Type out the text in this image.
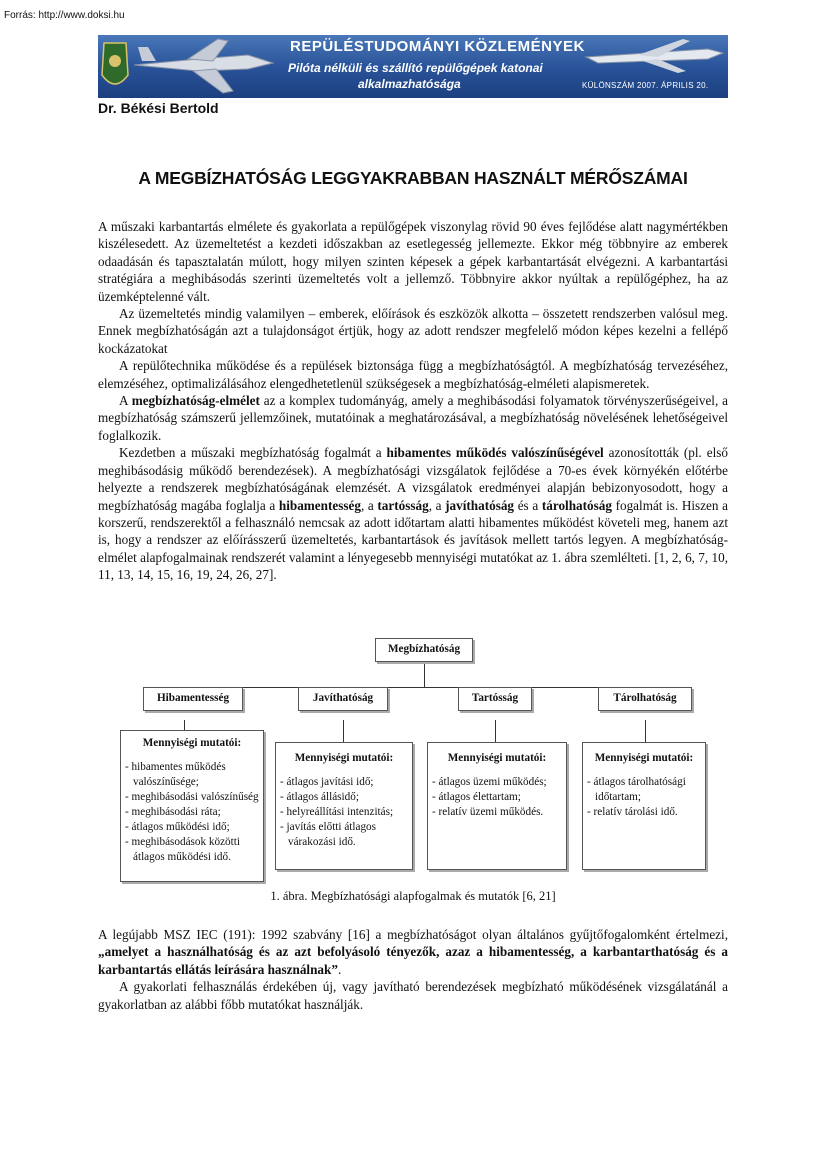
Forrás: http://www.doksi.hu
REPÜLÉSTUDOMÁNYI KÖZLEMÉNYEK
Pilóta nélküli és szállító repülőgépek katonai
alkalmazhatósága	KÜLÖNSZÁM 2007. ÁPRILIS 20.
Dr. Békési Bertold
A MEGBÍZHATÓSÁG LEGGYAKRABBAN HASZNÁLT MÉRŐSZÁMAI

A műszaki karbantartás elmélete és gyakorlata a repülőgépek viszonylag rövid 90 éves fejlődése alatt nagymértékben kiszélesedett. Az üzemeltetést a kezdeti időszakban az esetlegesség jellemezte. Ekkor még többnyire az emberek odaadásán és tapasztalatán múlott, hogy milyen szinten képesek a gépek karbantartását elvégezni. A karbantartási stratégiára a meghibásodás szerinti üzemeltetés volt a jellemző. Többnyire akkor nyúltak a repülőgéphez, ha az üzemképtelenné vált.

Az üzemeltetés mindig valamilyen – emberek, előírások és eszközök alkotta – összetett rendszerben valósul meg. Ennek megbízhatóságán azt a tulajdonságot értjük, hogy az adott rendszer megfelelő módon képes kezelni a fellépő kockázatokat

A repülőtechnika működése és a repülések biztonsága függ a megbízhatóságtól. A megbízhatóság tervezéséhez, elemzéséhez, optimalizálásához elengedhetetlenül szükségesek a megbízhatóság-elméleti alapismeretek.

A megbízhatóság-elmélet az a komplex tudományág, amely a meghibásodási folyamatok törvényszerűségeivel, a megbízhatóság számszerű jellemzőinek, mutatóinak a meghatározásával, a megbízhatóság növelésének lehetőségeivel foglalkozik.

Kezdetben a műszaki megbízhatóság fogalmát a hibamentes működés valószínűségével azonosították (pl. első meghibásodásig működő berendezések). A megbízhatósági vizsgálatok fejlődése a 70-es évek környékén előtérbe helyezte a rendszerek megbízhatóságának elemzését. A vizsgálatok eredményei alapján bebizonyosodott, hogy a megbízhatóság magába foglalja a hibamentesség, a tartósság, a javíthatóság és a tárolhatóság fogalmát is. Hiszen a korszerű, rendszerektől a felhasználó nemcsak az adott időtartam alatti hibamentes működést követeli meg, hanem azt is, hogy a rendszer az előírásszerű üzemeltetés, karbantartások és javítások mellett tartós legyen. A megbízhatóság-elmélet alapfogalmainak rendszerét valamint a lényegesebb mennyiségi mutatókat az 1. ábra szemlélteti. [1, 2, 6, 7, 10, 11, 13, 14, 15, 16, 19, 24, 26, 27].

Megbízhatóság
Hibamentesség	Javíthatóság	Tartósság	Tárolhatóság
Mennyiségi mutatói:
- hibamentes működés valószínűsége;
- meghibásodási valószínűség
- meghibásodási ráta;
- átlagos működési idő;
- meghibásodások közötti átlagos működési idő.
Mennyiségi mutatói:
- átlagos javítási idő;
- átlagos állásidő;
- helyreállítási intenzitás;
- javítás előtti átlagos várakozási idő.
Mennyiségi mutatói:
- átlagos üzemi működés;
- átlagos élettartam;
- relatív üzemi működés.
Mennyiségi mutatói:
- átlagos tárolhatósági időtartam;
- relatív tárolási idő.
1. ábra. Megbízhatósági alapfogalmak és mutatók [6, 21]

A legújabb MSZ IEC (191): 1992 szabvány [16] a megbízhatóságot olyan általános gyűjtőfogalomként értelmezi, „amelyet a használhatóság és az azt befolyásoló tényezők, azaz a hibamentesség, a karbantarthatóság és a karbantartás ellátás leírására használnak”.

A gyakorlati felhasználás érdekében új, vagy javítható berendezések megbízható működésének vizsgálatánál a gyakorlatban az alábbi főbb mutatókat használják.
